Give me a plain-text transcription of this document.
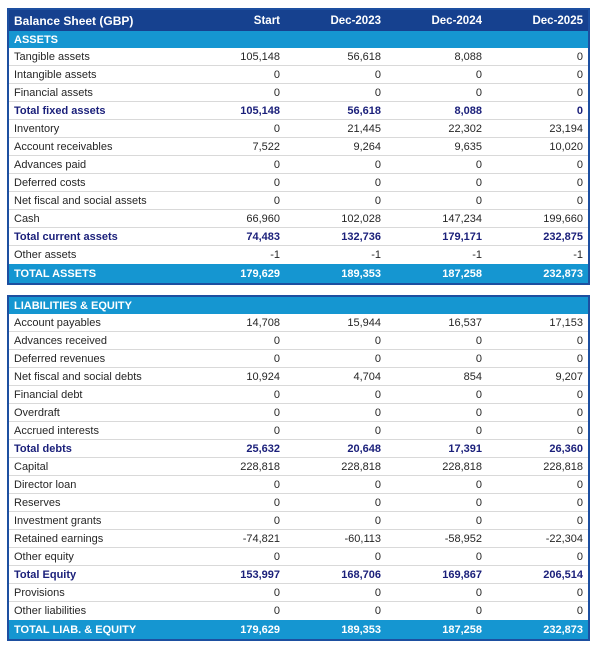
Balance Sheet (GBP)	Start	Dec-2023	Dec-2024	Dec-2025
ASSETS
Tangible assets	105,148	56,618	8,088	0
Intangible assets	0	0	0	0
Financial assets	0	0	0	0
Total fixed assets	105,148	56,618	8,088	0
Inventory	0	21,445	22,302	23,194
Account receivables	7,522	9,264	9,635	10,020
Advances paid	0	0	0	0
Deferred costs	0	0	0	0
Net fiscal and social assets	0	0	0	0
Cash	66,960	102,028	147,234	199,660
Total current assets	74,483	132,736	179,171	232,875
Other assets	-1	-1	-1	-1
TOTAL ASSETS	179,629	189,353	187,258	232,873
LIABILITIES & EQUITY
Account payables	14,708	15,944	16,537	17,153
Advances received	0	0	0	0
Deferred revenues	0	0	0	0
Net fiscal and social debts	10,924	4,704	854	9,207
Financial debt	0	0	0	0
Overdraft	0	0	0	0
Accrued interests	0	0	0	0
Total debts	25,632	20,648	17,391	26,360
Capital	228,818	228,818	228,818	228,818
Director loan	0	0	0	0
Reserves	0	0	0	0
Investment grants	0	0	0	0
Retained earnings	-74,821	-60,113	-58,952	-22,304
Other equity	0	0	0	0
Total Equity	153,997	168,706	169,867	206,514
Provisions	0	0	0	0
Other liabilities	0	0	0	0
TOTAL LIAB. & EQUITY	179,629	189,353	187,258	232,873
